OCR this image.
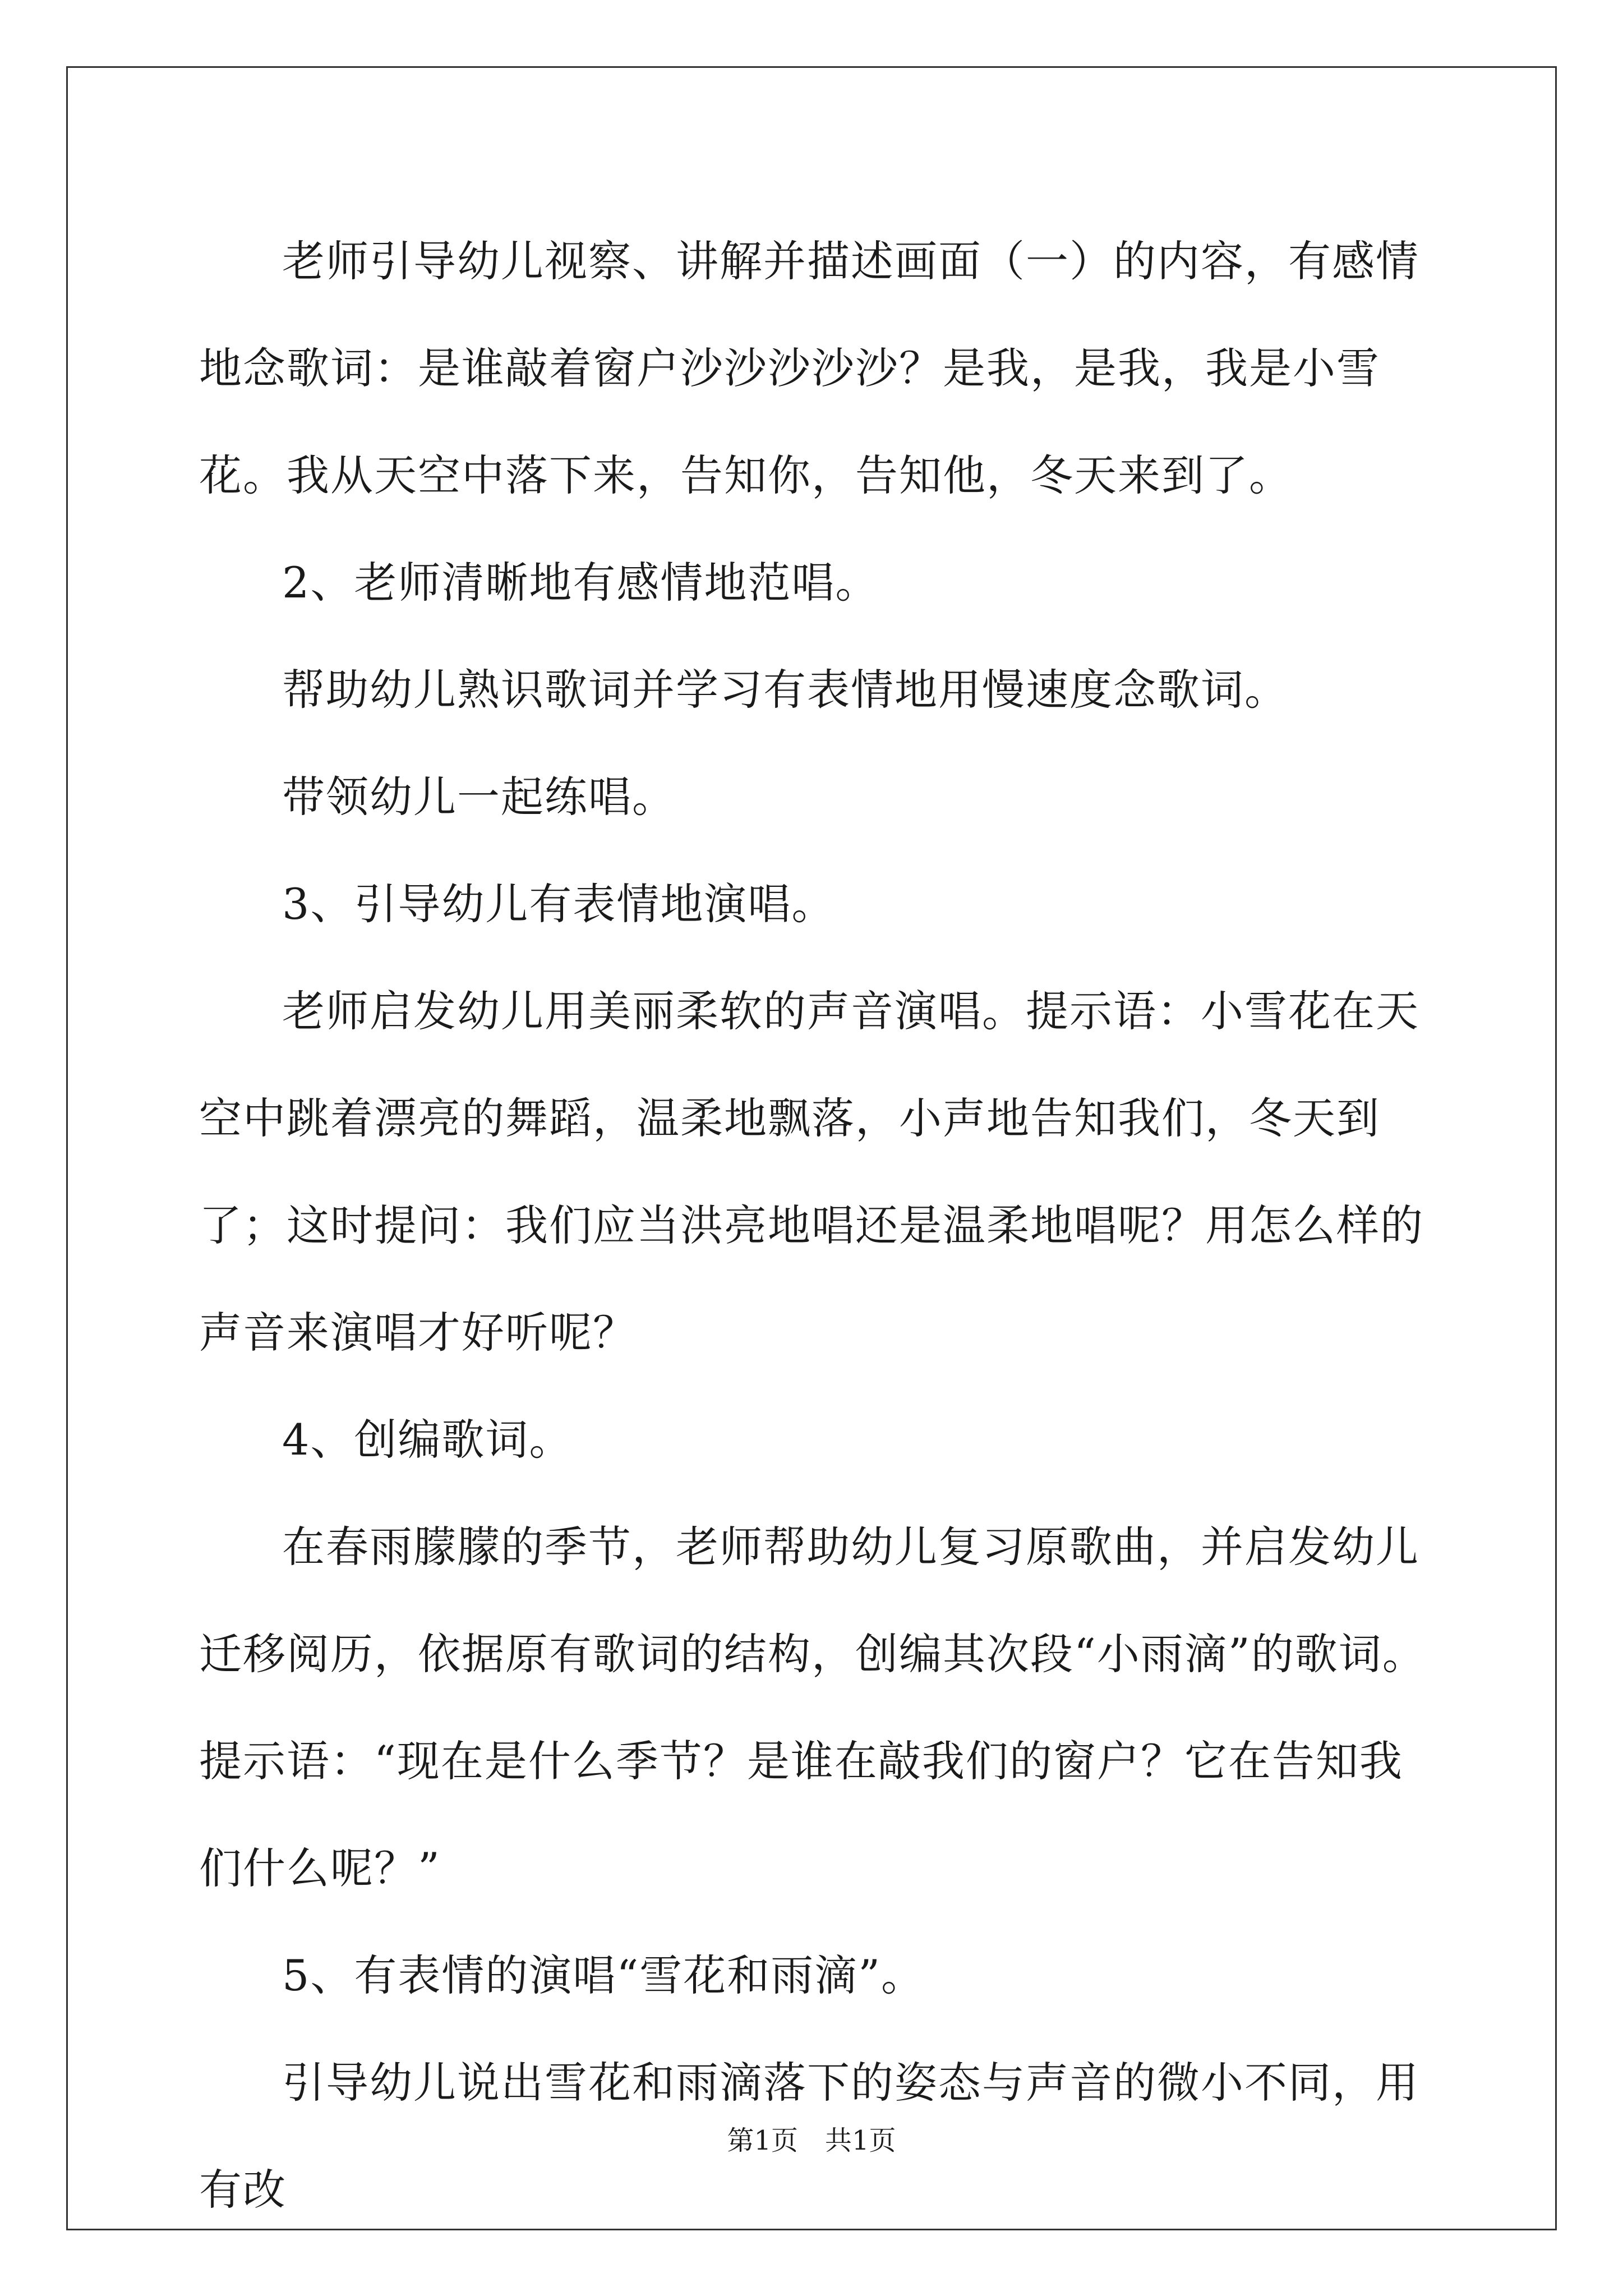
老师引导幼儿视察、讲解并描述画面（一）的内容，有感情地念歌词：是谁敲着窗户沙沙沙沙沙？是我，是我，我是小雪花。我从天空中落下来，告知你，告知他，冬天来到了。

2、老师清晰地有感情地范唱。

帮助幼儿熟识歌词并学习有表情地用慢速度念歌词。

带领幼儿一起练唱。

3、引导幼儿有表情地演唱。

老师启发幼儿用美丽柔软的声音演唱。提示语：小雪花在天空中跳着漂亮的舞蹈，温柔地飘落，小声地告知我们，冬天到了；这时提问：我们应当洪亮地唱还是温柔地唱呢？用怎么样的声音来演唱才好听呢？

4、创编歌词。

在春雨朦朦的季节，老师帮助幼儿复习原歌曲，并启发幼儿迁移阅历，依据原有歌词的结构，创编其次段“小雨滴”的歌词。提示语：“现在是什么季节？是谁在敲我们的窗户？它在告知我们什么呢？”

5、有表情的演唱“雪花和雨滴”。

引导幼儿说出雪花和雨滴落下的姿态与声音的微小不同，用有改

第1页 共1页
